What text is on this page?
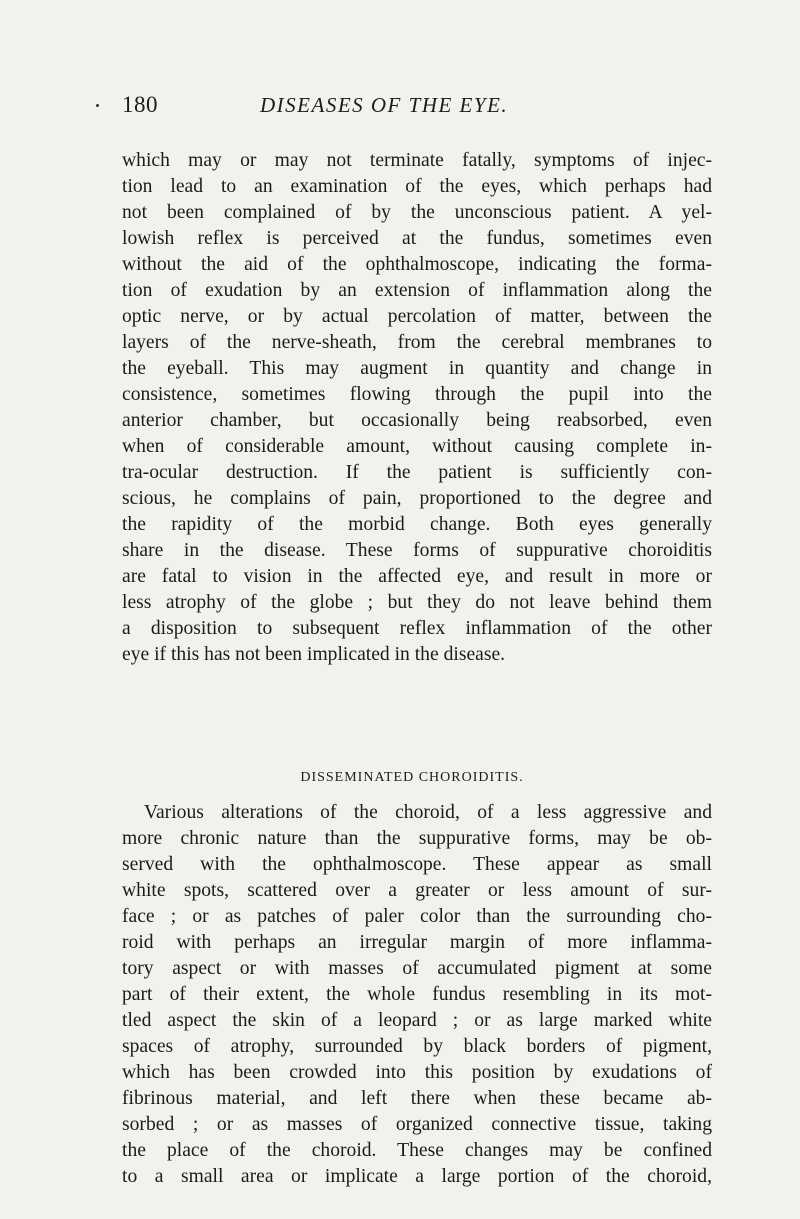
180	DISEASES OF THE EYE.
which may or may not terminate fatally, symptoms of injec-
tion lead to an examination of the eyes, which perhaps had
not been complained of by the unconscious patient. A yel-
lowish reflex is perceived at the fundus, sometimes even
without the aid of the ophthalmoscope, indicating the forma-
tion of exudation by an extension of inflammation along the
optic nerve, or by actual percolation of matter, between the
layers of the nerve-sheath, from the cerebral membranes to
the eyeball. This may augment in quantity and change in
consistence, sometimes flowing through the pupil into the
anterior chamber, but occasionally being reabsorbed, even
when of considerable amount, without causing complete in-
tra-ocular destruction. If the patient is sufficiently con-
scious, he complains of pain, proportioned to the degree and
the rapidity of the morbid change. Both eyes generally
share in the disease. These forms of suppurative choroiditis
are fatal to vision in the affected eye, and result in more or
less atrophy of the globe ; but they do not leave behind them
a disposition to subsequent reflex inflammation of the other
eye if this has not been implicated in the disease.
DISSEMINATED CHOROIDITIS.
Various alterations of the choroid, of a less aggressive and
more chronic nature than the suppurative forms, may be ob-
served with the ophthalmoscope. These appear as small
white spots, scattered over a greater or less amount of sur-
face ; or as patches of paler color than the surrounding cho-
roid with perhaps an irregular margin of more inflamma-
tory aspect or with masses of accumulated pigment at some
part of their extent, the whole fundus resembling in its mot-
tled aspect the skin of a leopard ; or as large marked white
spaces of atrophy, surrounded by black borders of pigment,
which has been crowded into this position by exudations of
fibrinous material, and left there when these became ab-
sorbed ; or as masses of organized connective tissue, taking
the place of the choroid. These changes may be confined
to a small area or implicate a large portion of the choroid,
